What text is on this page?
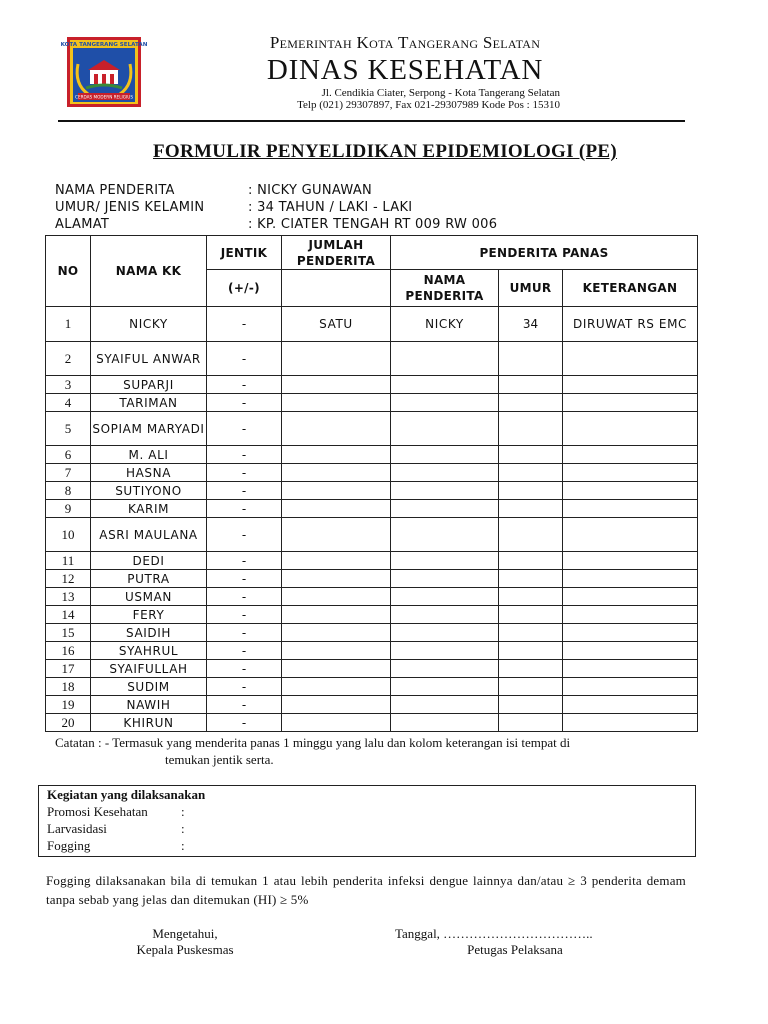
KOTA TANGERANG SELATAN
CERDAS MODERN RELIGIUS
Pemerintah Kota Tangerang Selatan
DINAS KESEHATAN
Jl. Cendikia Ciater, Serpong - Kota Tangerang Selatan
Telp (021) 29307897, Fax 021-29307989 Kode Pos : 15310
FORMULIR PENYELIDIKAN EPIDEMIOLOGI (PE)
NAMA PENDERITA	: NICKY GUNAWAN
UMUR/ JENIS KELAMIN	: 34 TAHUN / LAKI - LAKI
ALAMAT	: KP. CIATER TENGAH RT 009 RW 006
NO	NAMA KK	JENTIK	JUMLAH PENDERITA	PENDERITA PANAS		
		(+/-)		NAMA PENDERITA	UMUR	KETERANGAN
1	NICKY	-	SATU	NICKY	34	DIRUWAT RS EMC
2	SYAIFUL ANWAR	-				
3	SUPARJI	-				
4	TARIMAN	-				
5	SOPIAM MARYADI	-				
6	M. ALI	-				
7	HASNA	-				
8	SUTIYONO	-				
9	KARIM	-				
10	ASRI MAULANA	-				
11	DEDI	-				
12	PUTRA	-				
13	USMAN	-				
14	FERY	-				
15	SAIDIH	-				
16	SYAHRUL	-				
17	SYAIFULLAH	-				
18	SUDIM	-				
19	NAWIH	-				
20	KHIRUN	-				
Catatan : - Termasuk yang menderita panas 1 minggu yang lalu dan kolom keterangan isi tempat di
temukan jentik serta.
Kegiatan yang dilaksanakan
Promosi Kesehatan	:
Larvasidasi	:
Fogging	:
Fogging dilaksanakan bila di temukan 1 atau lebih penderita infeksi dengue lainnya dan/atau ≥ 3 penderita demam tanpa sebab yang jelas dan ditemukan (HI) ≥ 5%
Mengetahui,
Kepala Puskesmas
Tanggal, ……………………………..
Petugas Pelaksana
